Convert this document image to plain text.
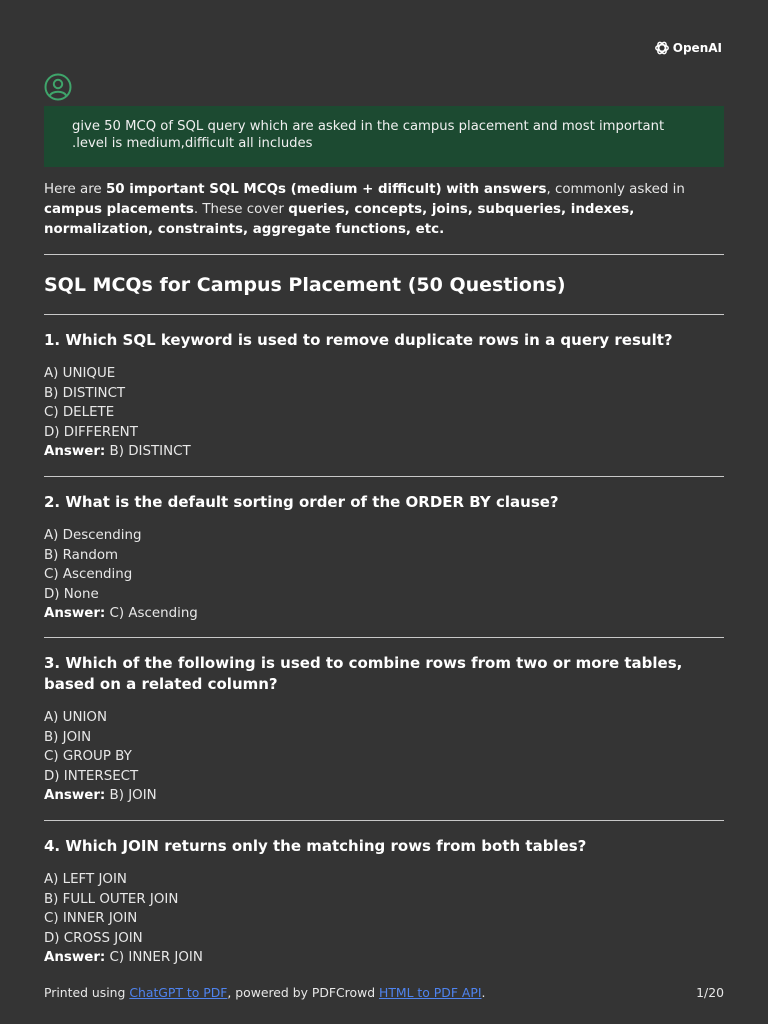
OpenAI
give 50 MCQ of SQL query which are asked in the campus placement and most important .level is medium,difficult all includes

Here are 50 important SQL MCQs (medium + difficult) with answers, commonly asked in campus placements. These cover queries, concepts, joins, subqueries, indexes, normalization, constraints, aggregate functions, etc.

SQL MCQs for Campus Placement (50 Questions)
1. Which SQL keyword is used to remove duplicate rows in a query result?
A) UNIQUE
B) DISTINCT
C) DELETE
D) DIFFERENT
Answer: B) DISTINCT
2. What is the default sorting order of the ORDER BY clause?
A) Descending
B) Random
C) Ascending
D) None
Answer: C) Ascending
3. Which of the following is used to combine rows from two or more tables, based on a related column?
A) UNION
B) JOIN
C) GROUP BY
D) INTERSECT
Answer: B) JOIN
4. Which JOIN returns only the matching rows from both tables?
A) LEFT JOIN
B) FULL OUTER JOIN
C) INNER JOIN
D) CROSS JOIN
Answer: C) INNER JOIN
Printed using ChatGPT to PDF, powered by PDFCrowd HTML to PDF API.	1/20
